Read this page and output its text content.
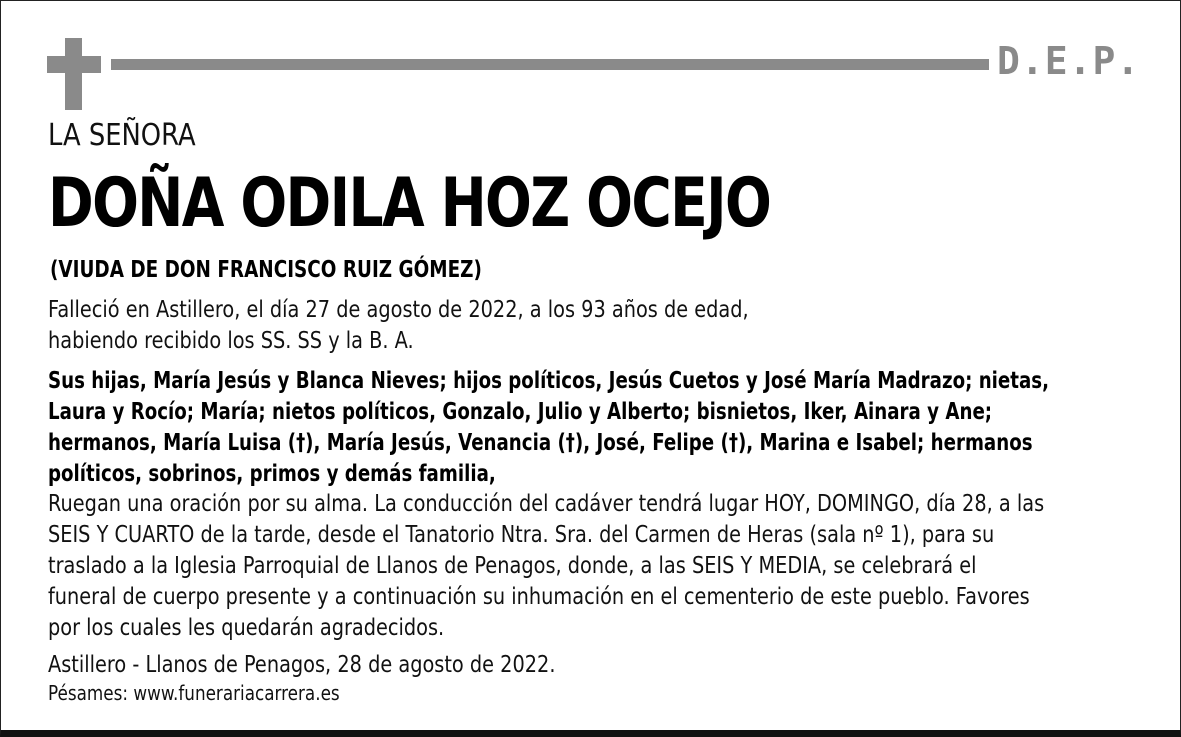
D.E.P.
LA SEÑORA
DOÑA ODILA HOZ OCEJO
(VIUDA DE DON FRANCISCO RUIZ GÓMEZ)
Falleció en Astillero, el día 27 de agosto de 2022, a los 93 años de edad,
habiendo recibido los SS. SS y la B. A.
Sus hijas, María Jesús y Blanca Nieves; hijos políticos, Jesús Cuetos y José María Madrazo; nietas,
Laura y Rocío; María; nietos políticos, Gonzalo, Julio y Alberto; bisnietos, Iker, Ainara y Ane;
hermanos, María Luisa (†), María Jesús, Venancia (†), José, Felipe (†), Marina e Isabel; hermanos
políticos, sobrinos, primos y demás familia,
Ruegan una oración por su alma. La conducción del cadáver tendrá lugar HOY, DOMINGO, día 28, a las
SEIS Y CUARTO de la tarde, desde el Tanatorio Ntra. Sra. del Carmen de Heras (sala nº 1), para su
traslado a la Iglesia Parroquial de Llanos de Penagos, donde, a las SEIS Y MEDIA, se celebrará el
funeral de cuerpo presente y a continuación su inhumación en el cementerio de este pueblo. Favores
por los cuales les quedarán agradecidos.
Astillero - Llanos de Penagos, 28 de agosto de 2022.
Pésames: www.funerariacarrera.es
